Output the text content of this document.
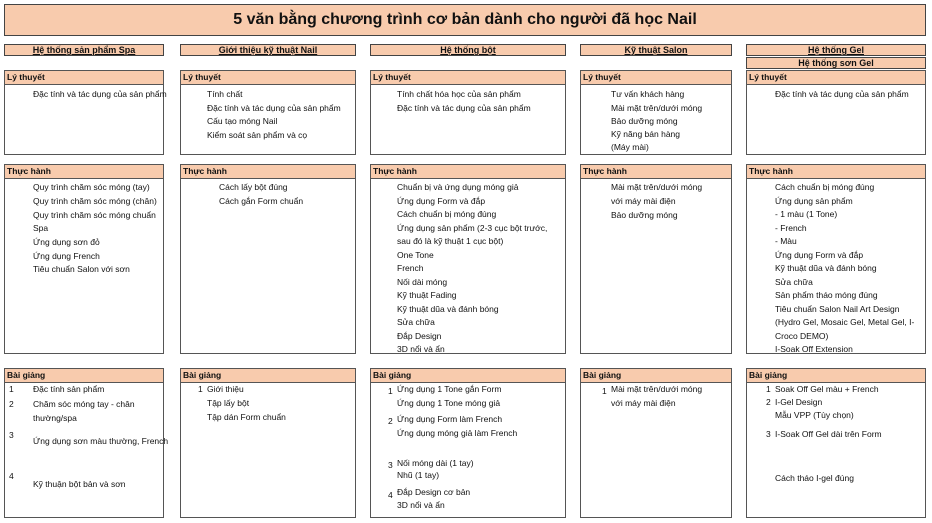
5 văn bằng chương trình cơ bản dành cho người đã học Nail
Hệ thống sản phẩm Spa
Lý thuyết
Đặc tính và tác dụng của sản phẩm
Thực hành
Quy trình chăm sóc móng (tay)
Quy trình chăm sóc móng (chân)
Quy trình chăm sóc móng chuẩn
Spa
Ứng dụng sơn đỏ
Ứng dụng French
Tiêu chuẩn Salon với sơn
Bài giảng
1 Đặc tính sản phẩm
2 Chăm sóc móng tay - chân
thường/spa
3
Ứng dụng sơn màu thường, French
4
Kỹ thuận bột bản và sơn
Giới thiệu kỹ thuật Nail
Lý thuyết
Tính chất
Đặc tính và tác dụng của sản phẩm
Cấu tạo móng Nail
Kiểm soát sản phẩm và cọ
Thực hành
Cách lấy bột đúng
Cách gắn Form chuẩn
Bài giảng
1 Giới thiệu
Tập lấy bột
Tập dán Form chuẩn
Hệ thống bột
Lý thuyết
Tính chất hóa học của sản phẩm
Đặc tính và tác dụng của sản phẩm
Thực hành
Chuẩn bị và ứng dụng móng giả
Ứng dụng Form và đắp
Cách chuẩn bị móng đúng
Ứng dụng sản phẩm (2-3 cục bột trước,
sau đó là kỹ thuật 1 cục bột)
One Tone
French
Nối dài móng
Kỹ thuật Fading
Kỹ thuật dũa và đánh bóng
Sửa chữa
Đắp Design
3D nổi và ẩn
Bài giảng
1 Ứng dụng 1 Tone gắn Form
Ứng dụng 1 Tone móng giả
2 Ứng dụng Form làm French
Ứng dụng móng giả làm French
3 Nối móng dài (1 tay)
Nhũ (1 tay)
4 Đắp Design cơ bản
3D nổi và ẩn
Kỹ thuật Salon
Lý thuyết
Tư vấn khách hàng
Mài mặt trên/dưới móng
Bảo dưỡng móng
Kỹ năng bán hàng
(Máy mài)
Thực hành
Mài mặt trên/dưới móng
với máy mài điện
Bảo dưỡng móng
Bài giảng
1 Mài mặt trên/dưới móng
với máy mài điện
Hệ thống Gel
Hệ thống sơn Gel
Lý thuyết
Đặc tính và tác dụng của sản phẩm
Thực hành
Cách chuẩn bị móng đúng
Ứng dụng sản phẩm
- 1 màu (1 Tone)
- French
- Màu
Ứng dụng Form và đắp
Kỹ thuật dũa và đánh bóng
Sửa chữa
Sản phẩm tháo móng đúng
Tiêu chuẩn Salon Nail Art Design
(Hydro Gel, Mosaic Gel, Metal Gel, I-
Croco DEMO)
I-Soak Off Extension
Bài giảng
1 Soak Off Gel màu + French
2 I-Gel Design
Mẫu VPP (Tùy chọn)
3 I-Soak Off Gel dài trên Form
Cách tháo I-gel đúng
